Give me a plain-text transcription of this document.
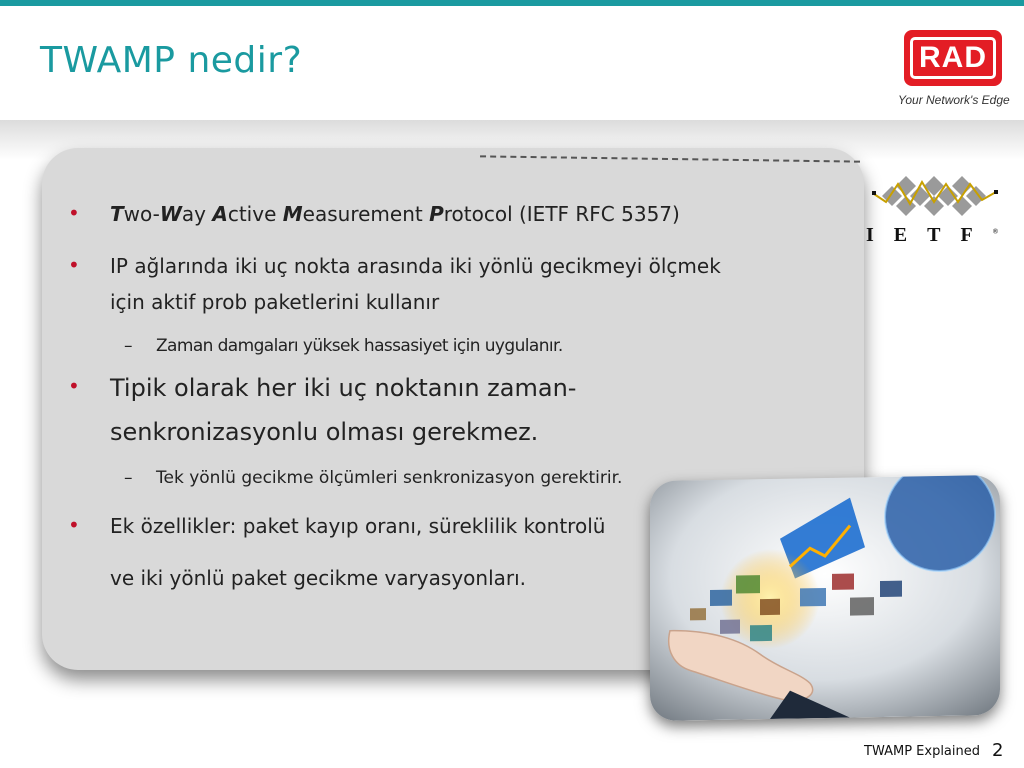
TWAMP nedir?	RAD
Your Network's Edge
IETF®
• Two-Way Active Measurement Protocol (IETF RFC 5357)
• IP ağlarında iki uç nokta arasında iki yönlü gecikmeyi ölçmek
için aktif prob paketlerini kullanır
– Zaman damgaları yüksek hassasiyet için uygulanır.
• Tipik olarak her iki uç noktanın zaman-
senkronizasyonlu olması gerekmez.
– Tek yönlü gecikme ölçümleri senkronizasyon gerektirir.
• Ek özellikler: paket kayıp oranı, süreklilik kontrolü
ve iki yönlü paket gecikme varyasyonları.
TWAMP Explained 2
